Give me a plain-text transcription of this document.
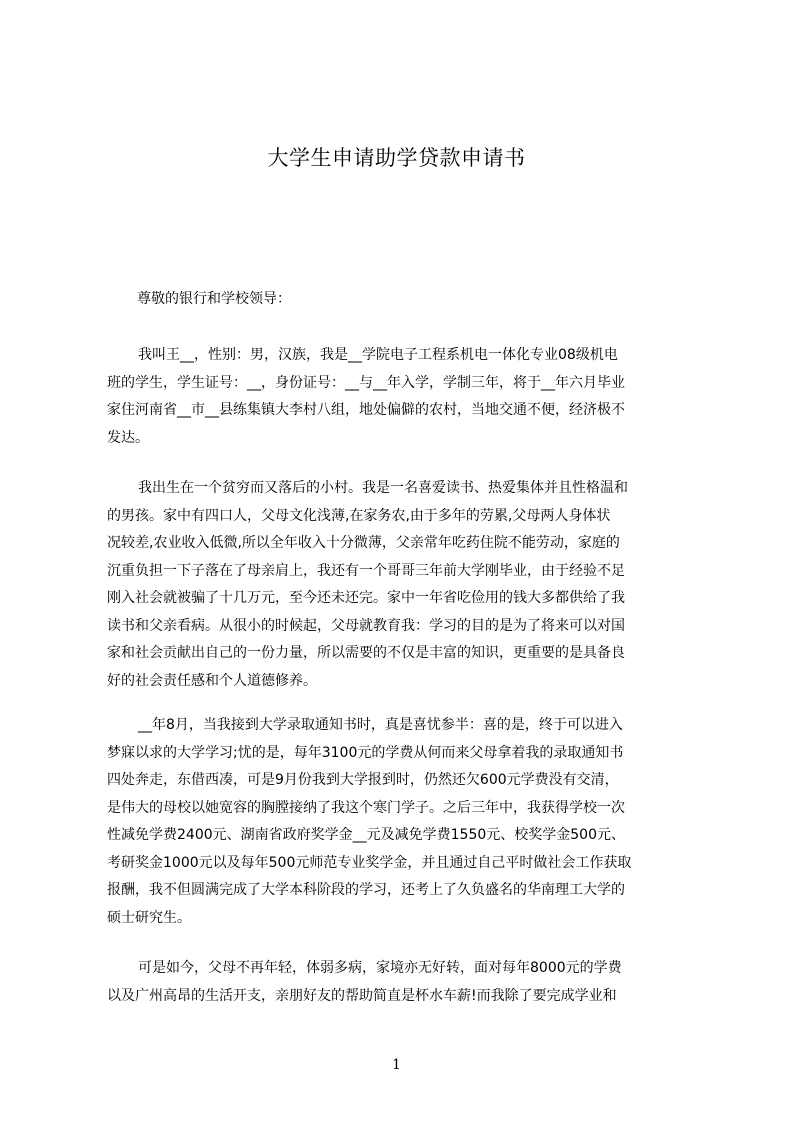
大学生申请助学贷款申请书

尊敬的银行和学校领导：

我叫王__，性别：男，汉族，我是__学院电子工程系机电一体化专业08级机电
班的学生，学生证号：__，身份证号：__与__年入学，学制三年，将于__年六月毕业
家住河南省__市__县练集镇大李村八组，地处偏僻的农村，当地交通不便，经济极不
发达。
我出生在一个贫穷而又落后的小村。我是一名喜爱读书、热爱集体并且性格温和
的男孩。家中有四口人，父母文化浅薄,在家务农,由于多年的劳累,父母两人身体状
况较差,农业收入低微,所以全年收入十分微薄，父亲常年吃药住院不能劳动，家庭的
沉重负担一下子落在了母亲肩上，我还有一个哥哥三年前大学刚毕业，由于经验不足
刚入社会就被骗了十几万元，至今还未还完。家中一年省吃俭用的钱大多都供给了我
读书和父亲看病。从很小的时候起，父母就教育我：学习的目的是为了将来可以对国
家和社会贡献出自己的一份力量，所以需要的不仅是丰富的知识，更重要的是具备良
好的社会责任感和个人道德修养。
__年8月，当我接到大学录取通知书时，真是喜忧参半：喜的是，终于可以进入
梦寐以求的大学学习;忧的是，每年3100元的学费从何而来父母拿着我的录取通知书
四处奔走，东借西凑，可是9月份我到大学报到时，仍然还欠600元学费没有交清，
是伟大的母校以她宽容的胸膛接纳了我这个寒门学子。之后三年中，我获得学校一次
性减免学费2400元、湖南省政府奖学金__元及减免学费1550元、校奖学金500元、
考研奖金1000元以及每年500元师范专业奖学金，并且通过自己平时做社会工作获取
报酬，我不但圆满完成了大学本科阶段的学习，还考上了久负盛名的华南理工大学的
硕士研究生。
可是如今，父母不再年轻，体弱多病，家境亦无好转，面对每年8000元的学费
以及广州高昂的生活开支，亲朋好友的帮助简直是杯水车薪!而我除了要完成学业和
1
